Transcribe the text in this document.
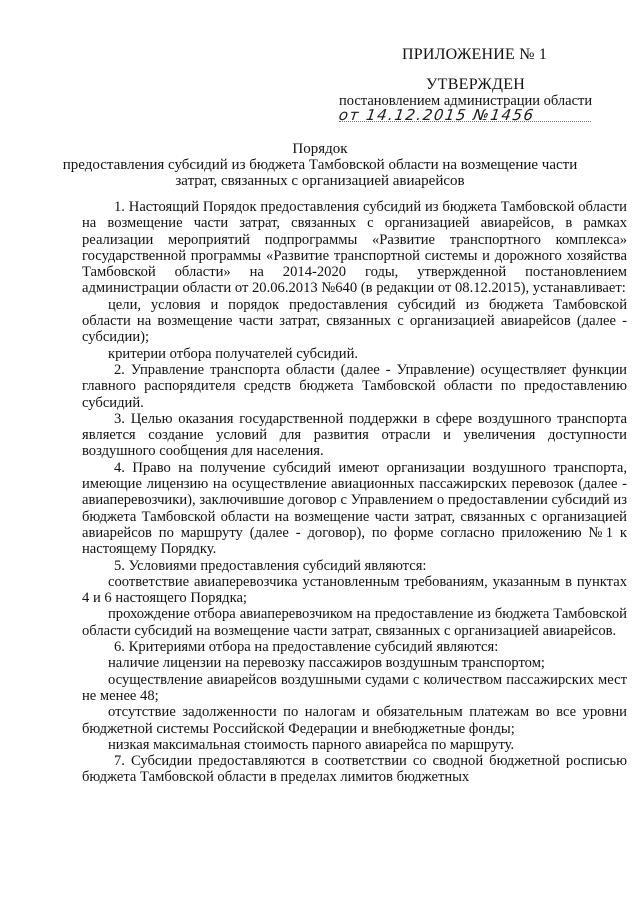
ПРИЛОЖЕНИЕ № 1
УТВЕРЖДЕН
постановлением администрации области
от 14.12.2015 №1456
Порядок
предоставления субсидий из бюджета Тамбовской области на возмещение части
затрат, связанных с организацией авиарейсов

1. Настоящий Порядок предоставления субсидий из бюджета Тамбовской области на возмещение части затрат, связанных с организацией авиарейсов, в рамках реализации мероприятий подпрограммы «Развитие транспортного комплекса» государственной программы «Развитие транспортной системы и дорожного хозяйства Тамбовской области» на 2014-2020 годы, утвержденной постановлением администрации области от 20.06.2013 №640 (в редакции от 08.12.2015), устанавливает:

цели, условия и порядок предоставления субсидий из бюджета Тамбовской области на возмещение части затрат, связанных с организацией авиарейсов (далее - субсидии);

критерии отбора получателей субсидий.

2. Управление транспорта области (далее - Управление) осуществляет функции главного распорядителя средств бюджета Тамбовской области по предоставлению субсидий.

3. Целью оказания государственной поддержки в сфере воздушного транспорта является создание условий для развития отрасли и увеличения доступности воздушного сообщения для населения.

4. Право на получение субсидий имеют организации воздушного транспорта, имеющие лицензию на осуществление авиационных пассажирских перевозок (далее - авиаперевозчики), заключившие договор с Управлением о предоставлении субсидий из бюджета Тамбовской области на возмещение части затрат, связанных с организацией авиарейсов по маршруту (далее - договор), по форме согласно приложению №1 к настоящему Порядку.

5. Условиями предоставления субсидий являются:

соответствие авиаперевозчика установленным требованиям, указанным в пунктах 4 и 6 настоящего Порядка;

прохождение отбора авиаперевозчиком на предоставление из бюджета Тамбовской области субсидий на возмещение части затрат, связанных с организацией авиарейсов.

6. Критериями отбора на предоставление субсидий являются:

наличие лицензии на перевозку пассажиров воздушным транспортом;

осуществление авиарейсов воздушными судами с количеством пассажирских мест не менее 48;

отсутствие задолженности по налогам и обязательным платежам во все уровни бюджетной системы Российской Федерации и внебюджетные фонды;

низкая максимальная стоимость парного авиарейса по маршруту.

7. Субсидии предоставляются в соответствии со сводной бюджетной росписью бюджета Тамбовской области в пределах лимитов бюджетных
